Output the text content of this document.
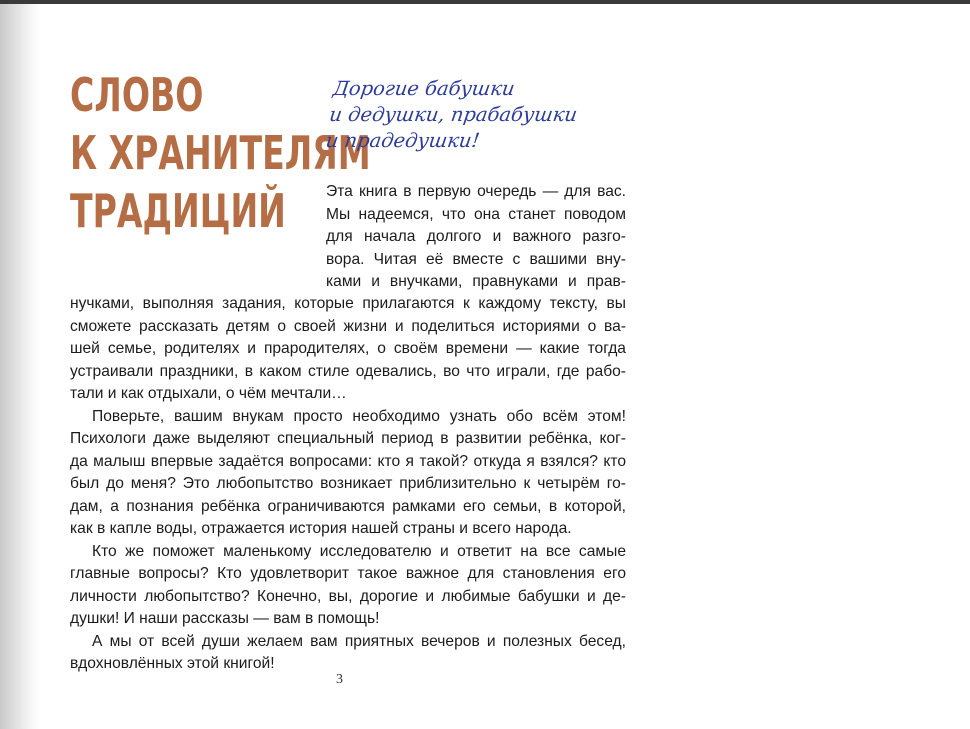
СЛОВО
К ХРАНИТЕЛЯМ
ТРАДИЦИЙ
Дорогие бабушки
и дедушки, прабабушки
и прадедушки!
Эта книга в первую очередь — для вас.
Мы надеемся, что она станет поводом
для начала долгого и важного разго-
вора. Читая её вместе с вашими вну-
ками и внучками, правнуками и прав-
нучками, выполняя задания, которые прилагаются к каждому тексту, вы
сможете рассказать детям о своей жизни и поделиться историями о ва-
шей семье, родителях и прародителях, о своём времени — какие тогда
устраивали праздники, в каком стиле одевались, во что играли, где рабо-
тали и как отдыхали, о чём мечтали…
Поверьте, вашим внукам просто необходимо узнать обо всём этом!
Психологи даже выделяют специальный период в развитии ребёнка, ког-
да малыш впервые задаётся вопросами: кто я такой? откуда я взялся? кто
был до меня? Это любопытство возникает приблизительно к четырём го-
дам, а познания ребёнка ограничиваются рамками его семьи, в которой,
как в капле воды, отражается история нашей страны и всего народа.
Кто же поможет маленькому исследователю и ответит на все самые
главные вопросы? Кто удовлетворит такое важное для становления его
личности любопытство? Конечно, вы, дорогие и любимые бабушки и де-
душки! И наши рассказы — вам в помощь!
А мы от всей души желаем вам приятных вечеров и полезных бесед,
вдохновлённых этой книгой!
3
